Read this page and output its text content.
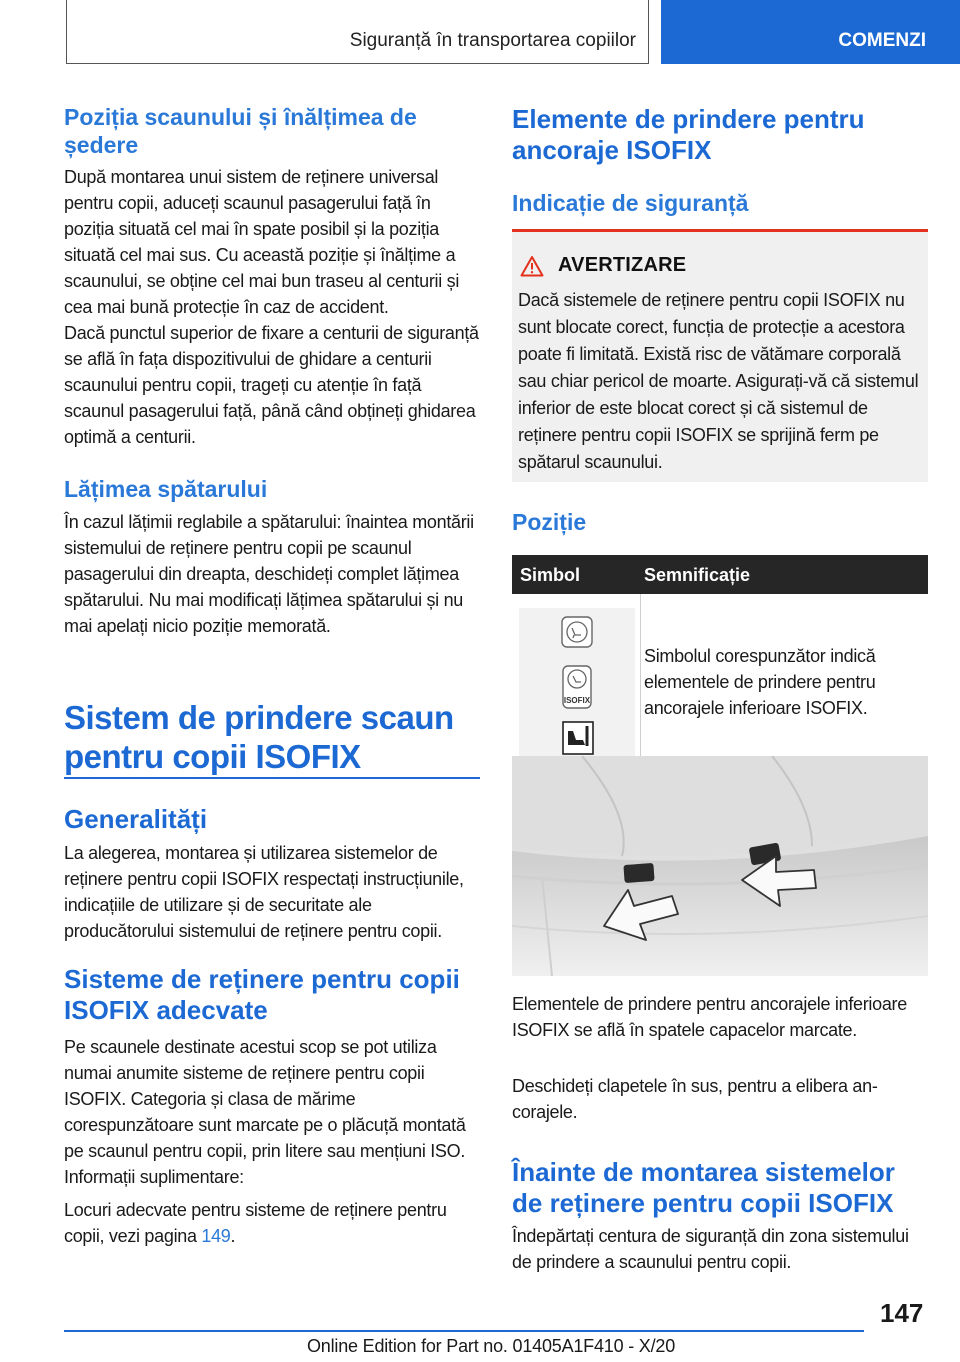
Siguranță în transportarea copiilor	COMENZI
Poziția scaunului și înălțimea de ședere
După montarea unui sistem de reținere universal pentru copii, aduceți scaunul pasagerului față în poziția situată cel mai în spate posibil și la poziția situată cel mai sus. Cu această poziție și înălțime a scaunului, se obține cel mai bun traseu al centurii și cea mai bună protecție în caz de accident.
Dacă punctul superior de fixare a centurii de siguranță se află în fața dispozitivului de ghidare a centurii scaunului pentru copii, trageți cu atenție în față scaunul pasagerului față, până când obțineți ghidarea optimă a centurii.
Lățimea spătarului
În cazul lățimii reglabile a spătarului: înaintea montării sistemului de reținere pentru copii pe scaunul pasagerului din dreapta, deschideți complet lățimea spătarului. Nu mai modificați lățimea spătarului și nu mai apelați nicio poziție memorată.
Sistem de prindere scaun pentru copii ISOFIX
Generalități
La alegerea, montarea și utilizarea sistemelor de reținere pentru copii ISOFIX respectați instrucțiunile, indicațiile de utilizare și de securitate ale producătorului sistemului de reținere pentru copii.
Sisteme de reținere pentru copii ISOFIX adecvate
Pe scaunele destinate acestui scop se pot utiliza numai anumite sisteme de reținere pentru copii ISOFIX. Categoria și clasa de mărime corespunzătoare sunt marcate pe o plăcuță montată pe scaunul pentru copii, prin litere sau mențiuni ISO.
Informații suplimentare:
Locuri adecvate pentru sisteme de reținere pentru copii, vezi pagina 149.
Elemente de prindere pentru ancoraje ISOFIX
Indicație de siguranță
AVERTIZARE
Dacă sistemele de reținere pentru copii ISOFIX nu sunt blocate corect, funcția de protecție a acestora poate fi limitată. Există risc de vătămare corporală sau chiar pericol de moarte. Asigurați-vă că sistemul inferior de este blocat corect și că sistemul de reținere pentru copii ISOFIX se sprijină ferm pe spătarul scaunului.
Poziție
Simbol	Semnificație
ISOFIX
Simbolul corespunzător indică elementele de prindere pentru ancorajele inferioare ISOFIX.
Elementele de prindere pentru ancorajele inferioare ISOFIX se află în spatele capacelor marcate.
Deschideți clapetele în sus, pentru a elibera ancorajele.
Înainte de montarea sistemelor de reținere pentru copii ISOFIX
Îndepărtați centura de siguranță din zona sistemului de prindere a scaunului pentru copii.
147
Online Edition for Part no. 01405A1F410 - X/20
